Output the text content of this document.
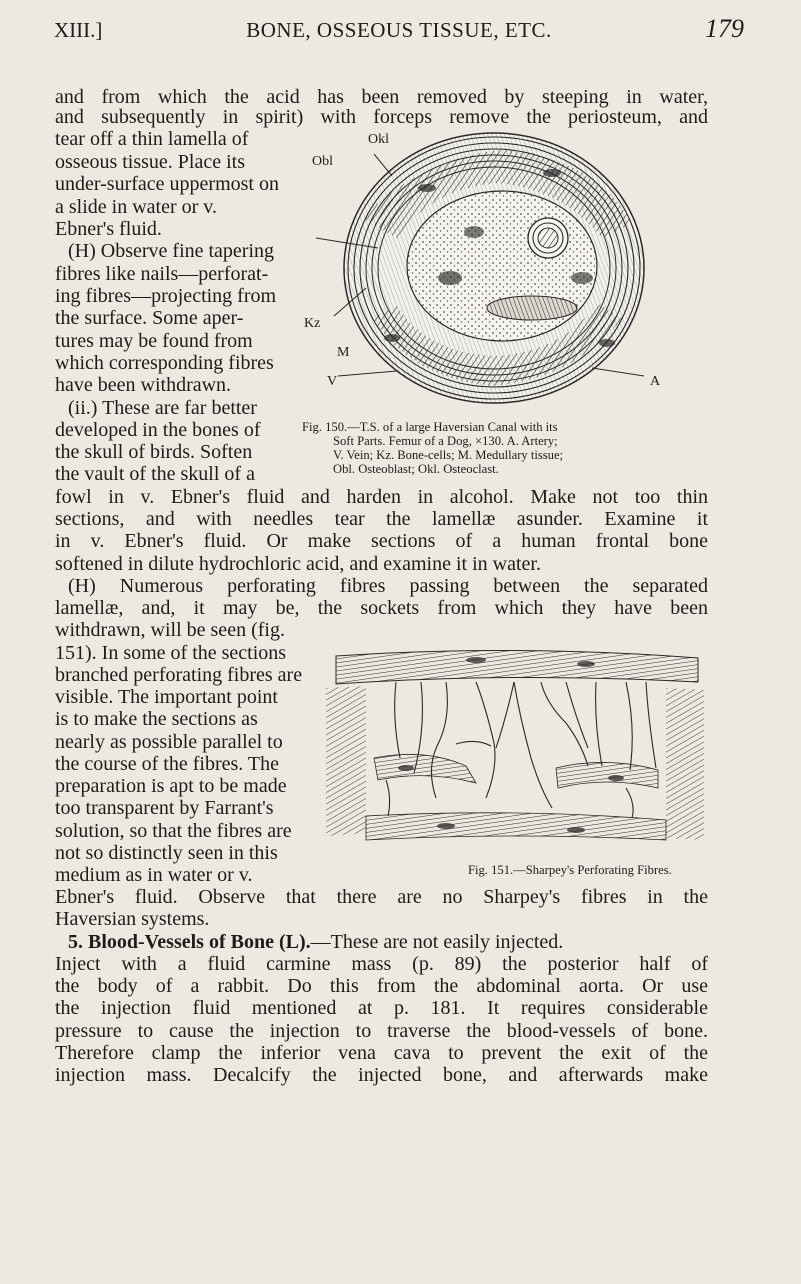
XIII.]	BONE, OSSEOUS TISSUE, ETC.	179
and from which the acid has been removed by steeping in water,
and subsequently in spirit) with forceps remove the periosteum, and
tear off a thin lamella of
osseous tissue. Place its
under-surface uppermost on
a slide in water or v.
Ebner's fluid.
(H) Observe fine tapering
fibres like nails—perforat-
ing fibres—projecting from
the surface. Some aper-
tures may be found from
which corresponding fibres
have been withdrawn.
(ii.) These are far better
developed in the bones of
the skull of birds. Soften
the vault of the skull of a
Okl
Obl
Kz
M
V	A
Fig. 150.—T.S. of a large Haversian Canal with its
Soft Parts. Femur of a Dog, ×130. A. Artery;
V. Vein; Kz. Bone-cells; M. Medullary tissue;
Obl. Osteoblast; Okl. Osteoclast.
fowl in v. Ebner's fluid and harden in alcohol. Make not too thin
sections, and with needles tear the lamellæ asunder. Examine it
in v. Ebner's fluid. Or make sections of a human frontal bone
softened in dilute hydrochloric acid, and examine it in water.
(H) Numerous perforating fibres passing between the separated
lamellæ, and, it may be, the sockets from which they have been
withdrawn, will be seen (fig.
151). In some of the sections
branched perforating fibres are
visible. The important point
is to make the sections as
nearly as possible parallel to
the course of the fibres. The
preparation is apt to be made
too transparent by Farrant's
solution, so that the fibres are
not so distinctly seen in this
medium as in water or v.	Fig. 151.—Sharpey's Perforating Fibres.
Ebner's fluid. Observe that there are no Sharpey's fibres in the
Haversian systems.
5. Blood-Vessels of Bone (L).—These are not easily injected.
Inject with a fluid carmine mass (p. 89) the posterior half of
the body of a rabbit. Do this from the abdominal aorta. Or use
the injection fluid mentioned at p. 181. It requires considerable
pressure to cause the injection to traverse the blood-vessels of bone.
Therefore clamp the inferior vena cava to prevent the exit of the
injection mass. Decalcify the injected bone, and afterwards make
